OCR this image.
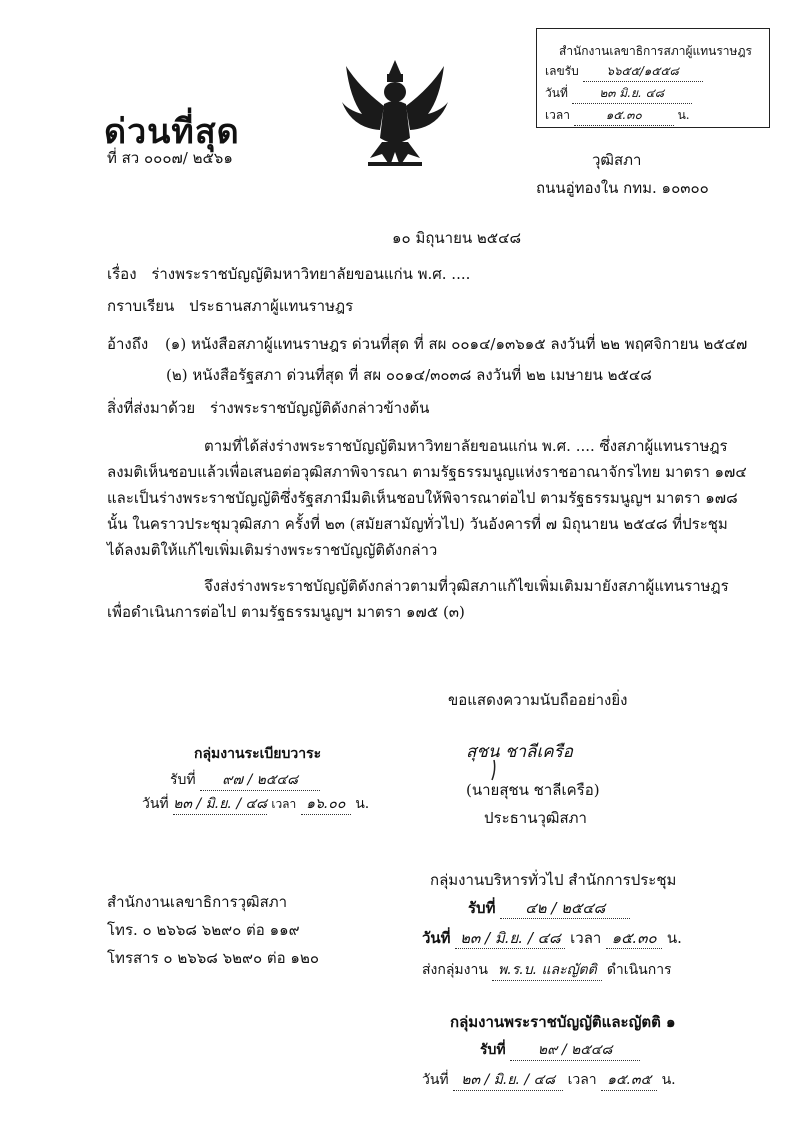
สำนักงานเลขาธิการสภาผู้แทนราษฎร
เลขรับ ๖๖๕๕/๑๕๕๘
วันที่	๒๓ มิ.ย. ๔๘
เวลา	๑๕.๓๐	น.
ด่วนที่สุด
ที่ สว ๐๐๐๗/ ๒๕๖๑	วุฒิสภา
ถนนอู่ทองใน กทม. ๑๐๓๐๐
๑๐ มิถุนายน ๒๕๔๘
เรื่อง ร่างพระราชบัญญัติมหาวิทยาลัยขอนแก่น พ.ศ. ....
กราบเรียน ประธานสภาผู้แทนราษฎร
อ้างถึง (๑) หนังสือสภาผู้แทนราษฎร ด่วนที่สุด ที่ สผ ๐๐๑๔/๑๓๖๑๕ ลงวันที่ ๒๒ พฤศจิกายน ๒๕๔๗
(๒) หนังสือรัฐสภา ด่วนที่สุด ที่ สผ ๐๐๑๔/๓๐๓๘ ลงวันที่ ๒๒ เมษายน ๒๕๔๘
สิ่งที่ส่งมาด้วย ร่างพระราชบัญญัติดังกล่าวข้างต้น
ตามที่ได้ส่งร่างพระราชบัญญัติมหาวิทยาลัยขอนแก่น พ.ศ. .... ซึ่งสภาผู้แทนราษฎร
ลงมติเห็นชอบแล้วเพื่อเสนอต่อวุฒิสภาพิจารณา ตามรัฐธรรมนูญแห่งราชอาณาจักรไทย มาตรา ๑๗๔
และเป็นร่างพระราชบัญญัติซึ่งรัฐสภามีมติเห็นชอบให้พิจารณาต่อไป ตามรัฐธรรมนูญฯ มาตรา ๑๗๘
นั้น ในคราวประชุมวุฒิสภา ครั้งที่ ๒๓ (สมัยสามัญทั่วไป) วันอังคารที่ ๗ มิถุนายน ๒๕๔๘ ที่ประชุม
ได้ลงมติให้แก้ไขเพิ่มเติมร่างพระราชบัญญัติดังกล่าว
จึงส่งร่างพระราชบัญญัติดังกล่าวตามที่วุฒิสภาแก้ไขเพิ่มเติมมายังสภาผู้แทนราษฎร
เพื่อดำเนินการต่อไป ตามรัฐธรรมนูญฯ มาตรา ๑๗๕ (๓)
ขอแสดงความนับถืออย่างยิ่ง
สุชน ชาลีเครือ
(นายสุชน ชาลีเครือ)
ประธานวุฒิสภา
กลุ่มงานระเบียบวาระ
รับที่ ๙๗ / ๒๕๔๘
วันที่ ๒๓ / มิ.ย. / ๔๘ เวลา ๑๖.๐๐ น.
สำนักงานเลขาธิการวุฒิสภา
โทร. ๐ ๒๖๖๘ ๖๒๙๐ ต่อ ๑๑๙
โทรสาร ๐ ๒๖๖๘ ๖๒๙๐ ต่อ ๑๒๐
กลุ่มงานบริหารทั่วไป สำนักการประชุม
รับที่ ๔๒ / ๒๕๔๘
วันที่ ๒๓ / มิ.ย. / ๔๘ เวลา ๑๕.๓๐ น.
ส่งกลุ่มงาน พ.ร.บ. และญัตติ ดำเนินการ
กลุ่มงานพระราชบัญญัติและญัตติ ๑
รับที่ ๒๙ / ๒๕๔๘
วันที่ ๒๓ / มิ.ย. / ๔๘ เวลา ๑๕.๓๕ น.
